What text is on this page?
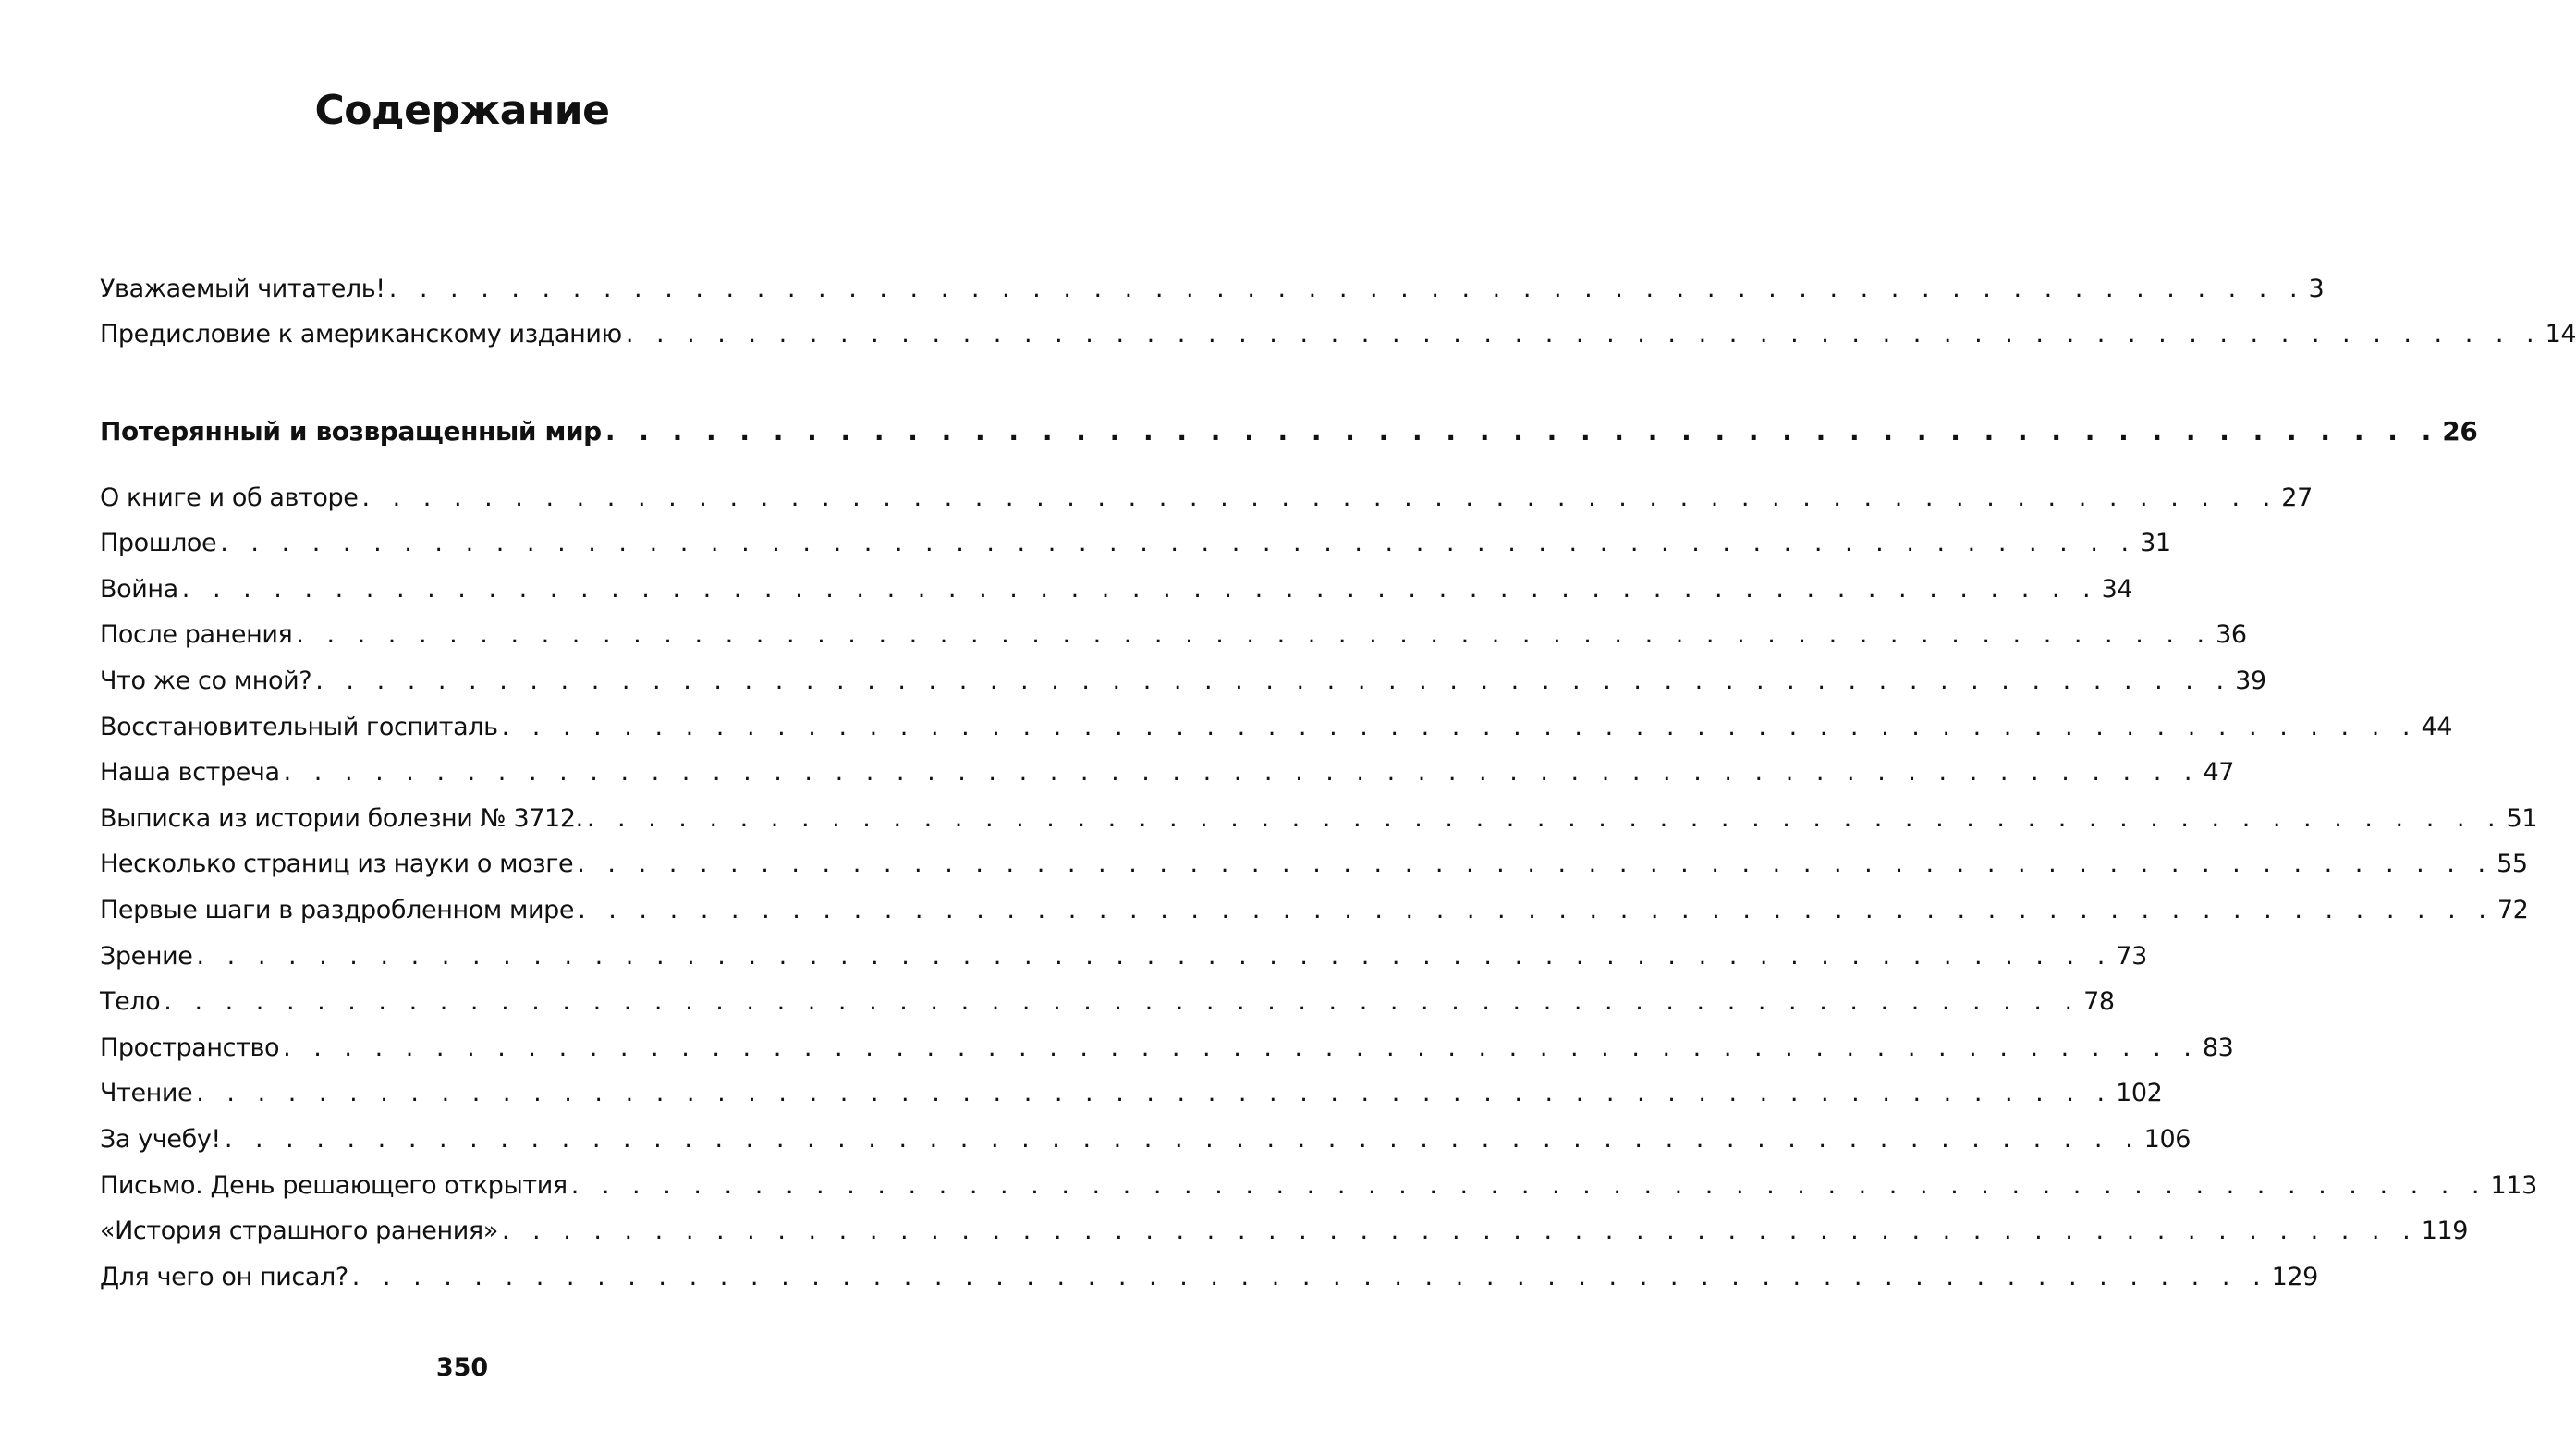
Содержание
Уважаемый читатель! . . . . . . . . . . . . . . . . . . . . . . . . . . . . . . . . . . . . . . . . . . . . . . . . . . . . . . . . . . . . . . . 3
Предисловие к американскому изданию . . . . . . . . . . . . . . . . . . . . . . . . . . . . . . . . . . . . . . . . . . . . . . . . . . . . . . . . . . . . . . . 14
Потерянный и возвращенный мир . . . . . . . . . . . . . . . . . . . . . . . . . . . . . . . . . . . . . . . . . . . . . . . . . . . . . . . 26
О книге и об авторе . . . . . . . . . . . . . . . . . . . . . . . . . . . . . . . . . . . . . . . . . . . . . . . . . . . . . . . . . . . . . . . 27
Прошлое . . . . . . . . . . . . . . . . . . . . . . . . . . . . . . . . . . . . . . . . . . . . . . . . . . . . . . . . . . . . . . . 31
Война . . . . . . . . . . . . . . . . . . . . . . . . . . . . . . . . . . . . . . . . . . . . . . . . . . . . . . . . . . . . . . . 34
После ранения . . . . . . . . . . . . . . . . . . . . . . . . . . . . . . . . . . . . . . . . . . . . . . . . . . . . . . . . . . . . . . . 36
Что же со мной? . . . . . . . . . . . . . . . . . . . . . . . . . . . . . . . . . . . . . . . . . . . . . . . . . . . . . . . . . . . . . . . 39
Восстановительный госпиталь . . . . . . . . . . . . . . . . . . . . . . . . . . . . . . . . . . . . . . . . . . . . . . . . . . . . . . . . . . . . . . . 44
Наша встреча . . . . . . . . . . . . . . . . . . . . . . . . . . . . . . . . . . . . . . . . . . . . . . . . . . . . . . . . . . . . . . . 47
Выписка из истории болезни № 3712. . . . . . . . . . . . . . . . . . . . . . . . . . . . . . . . . . . . . . . . . . . . . . . . . . . . . . . . . . . . . . . . 51
Несколько страниц из науки о мозге . . . . . . . . . . . . . . . . . . . . . . . . . . . . . . . . . . . . . . . . . . . . . . . . . . . . . . . . . . . . . . . 55
Первые шаги в раздробленном мире . . . . . . . . . . . . . . . . . . . . . . . . . . . . . . . . . . . . . . . . . . . . . . . . . . . . . . . . . . . . . . . 72
Зрение . . . . . . . . . . . . . . . . . . . . . . . . . . . . . . . . . . . . . . . . . . . . . . . . . . . . . . . . . . . . . . . 73
Тело . . . . . . . . . . . . . . . . . . . . . . . . . . . . . . . . . . . . . . . . . . . . . . . . . . . . . . . . . . . . . . . 78
Пространство . . . . . . . . . . . . . . . . . . . . . . . . . . . . . . . . . . . . . . . . . . . . . . . . . . . . . . . . . . . . . . . 83
Чтение . . . . . . . . . . . . . . . . . . . . . . . . . . . . . . . . . . . . . . . . . . . . . . . . . . . . . . . . . . . . . . . 102
За учебу! . . . . . . . . . . . . . . . . . . . . . . . . . . . . . . . . . . . . . . . . . . . . . . . . . . . . . . . . . . . . . . . 106
Письмо. День решающего открытия . . . . . . . . . . . . . . . . . . . . . . . . . . . . . . . . . . . . . . . . . . . . . . . . . . . . . . . . . . . . . . . 113
«История страшного ранения» . . . . . . . . . . . . . . . . . . . . . . . . . . . . . . . . . . . . . . . . . . . . . . . . . . . . . . . . . . . . . . . 119
Для чего он писал? . . . . . . . . . . . . . . . . . . . . . . . . . . . . . . . . . . . . . . . . . . . . . . . . . . . . . . . . . . . . . . . 129
350
